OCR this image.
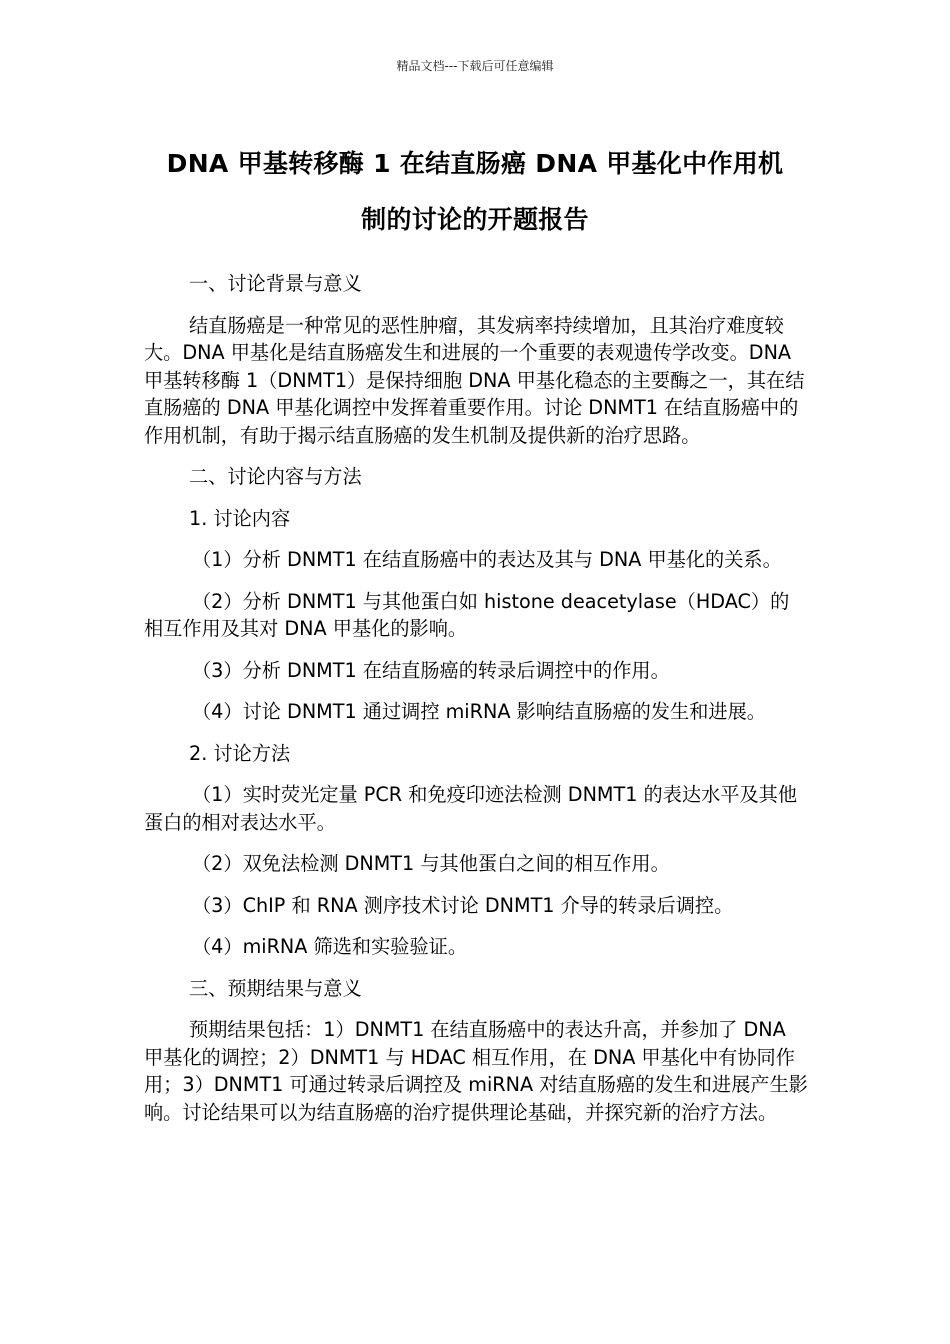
精品文档---下载后可任意编辑
DNA 甲基转移酶 1 在结直肠癌 DNA 甲基化中作用机
制的讨论的开题报告

一、讨论背景与意义

结直肠癌是一种常见的恶性肿瘤，其发病率持续增加，且其治疗难度较大。DNA 甲基化是结直肠癌发生和进展的一个重要的表观遗传学改变。DNA 甲基转移酶 1（DNMT1）是保持细胞 DNA 甲基化稳态的主要酶之一，其在结直肠癌的 DNA 甲基化调控中发挥着重要作用。讨论 DNMT1 在结直肠癌中的作用机制，有助于揭示结直肠癌的发生机制及提供新的治疗思路。

二、讨论内容与方法

1. 讨论内容

（1）分析 DNMT1 在结直肠癌中的表达及其与 DNA 甲基化的关系。

（2）分析 DNMT1 与其他蛋白如 histone deacetylase（HDAC）的相互作用及其对 DNA 甲基化的影响。

（3）分析 DNMT1 在结直肠癌的转录后调控中的作用。

（4）讨论 DNMT1 通过调控 miRNA 影响结直肠癌的发生和进展。

2. 讨论方法

（1）实时荧光定量 PCR 和免疫印迹法检测 DNMT1 的表达水平及其他蛋白的相对表达水平。

（2）双免法检测 DNMT1 与其他蛋白之间的相互作用。

（3）ChIP 和 RNA 测序技术讨论 DNMT1 介导的转录后调控。

（4）miRNA 筛选和实验验证。

三、预期结果与意义

预期结果包括：1）DNMT1 在结直肠癌中的表达升高，并参加了 DNA 甲基化的调控；2）DNMT1 与 HDAC 相互作用，在 DNA 甲基化中有协同作用；3）DNMT1 可通过转录后调控及 miRNA 对结直肠癌的发生和进展产生影响。讨论结果可以为结直肠癌的治疗提供理论基础，并探究新的治疗方法。
